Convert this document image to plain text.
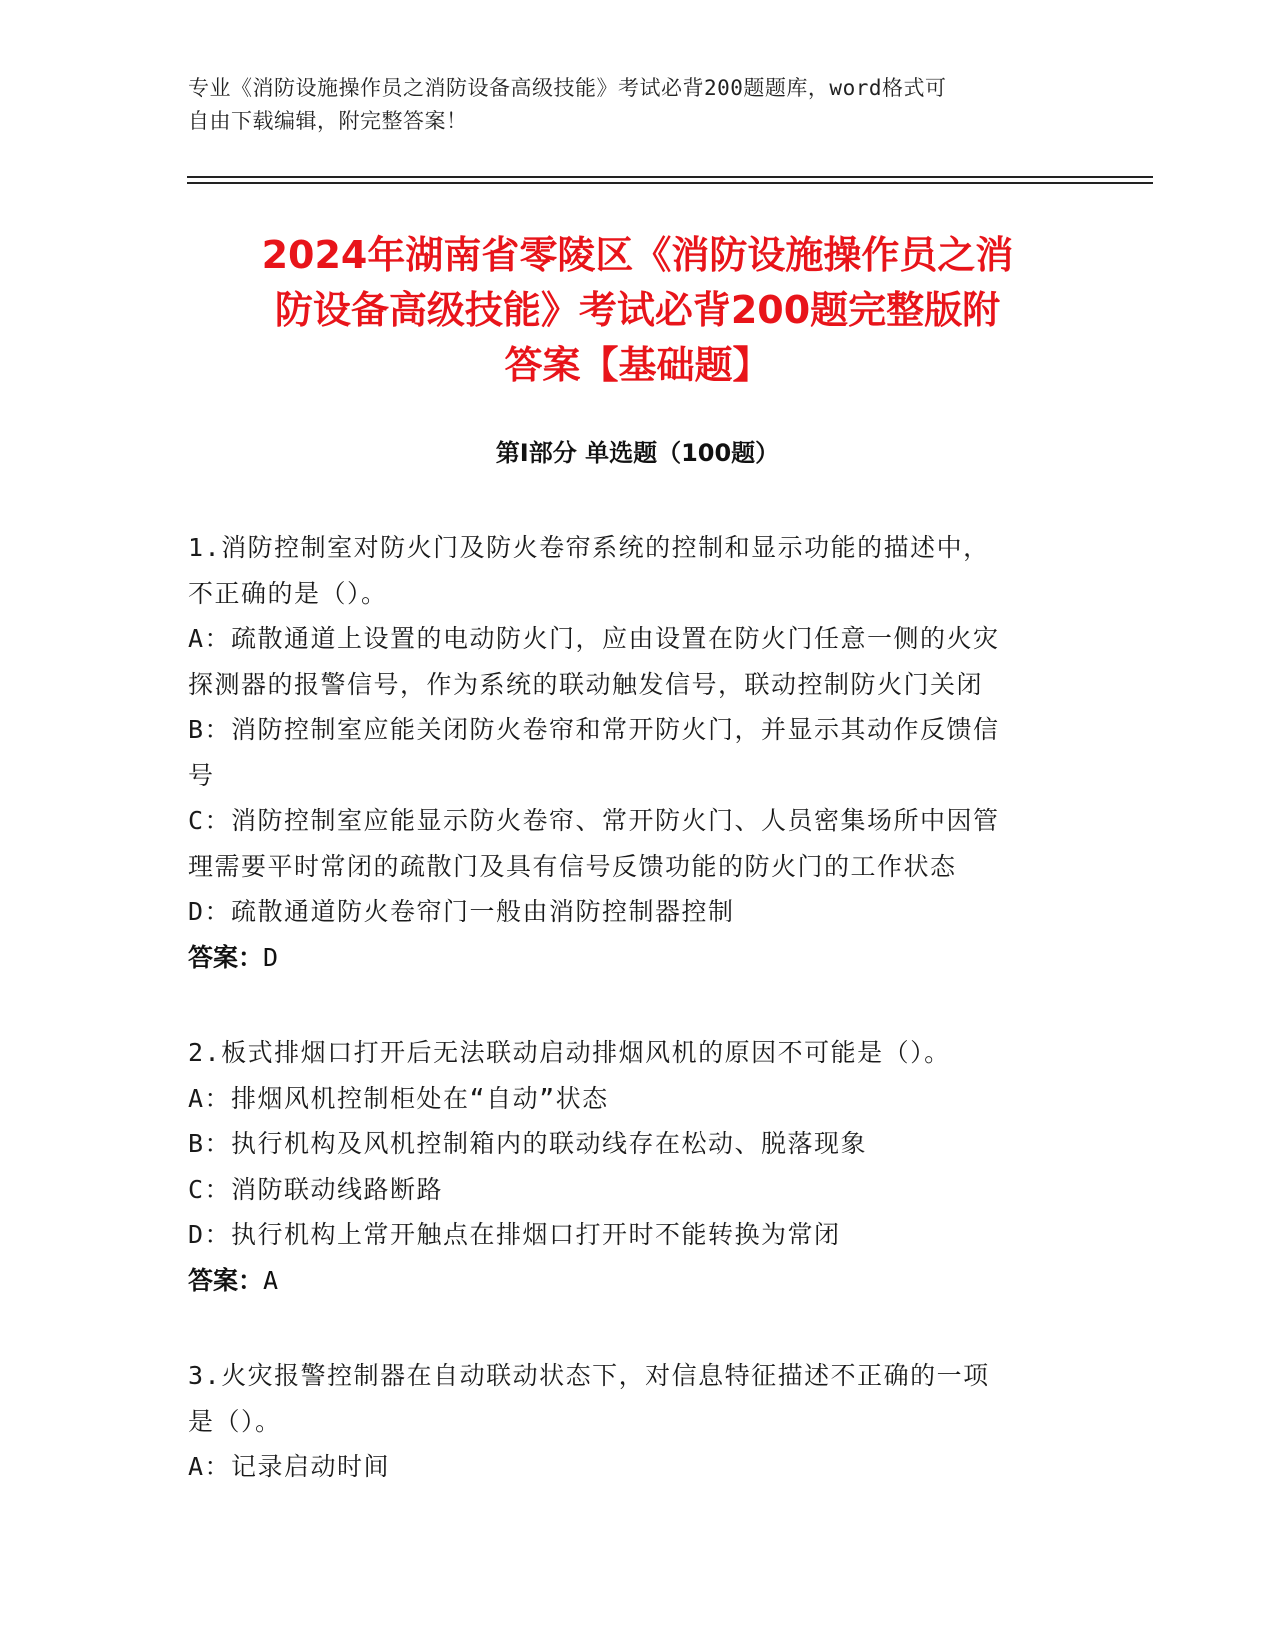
专业《消防设施操作员之消防设备高级技能》考试必背200题题库，word格式可
自由下载编辑，附完整答案！
2024年湖南省零陵区《消防设施操作员之消
防设备高级技能》考试必背200题完整版附
答案【基础题】
第Ⅰ部分 单选题（100题）
1.消防控制室对防火门及防火卷帘系统的控制和显示功能的描述中，
不正确的是（）。
A：疏散通道上设置的电动防火门，应由设置在防火门任意一侧的火灾
探测器的报警信号，作为系统的联动触发信号，联动控制防火门关闭
B：消防控制室应能关闭防火卷帘和常开防火门，并显示其动作反馈信
号
C：消防控制室应能显示防火卷帘、常开防火门、人员密集场所中因管
理需要平时常闭的疏散门及具有信号反馈功能的防火门的工作状态
D：疏散通道防火卷帘门一般由消防控制器控制
答案：D
2.板式排烟口打开后无法联动启动排烟风机的原因不可能是（）。
A：排烟风机控制柜处在“自动”状态
B：执行机构及风机控制箱内的联动线存在松动、脱落现象
C：消防联动线路断路
D：执行机构上常开触点在排烟口打开时不能转换为常闭
答案：A
3.火灾报警控制器在自动联动状态下，对信息特征描述不正确的一项
是（）。
A：记录启动时间
